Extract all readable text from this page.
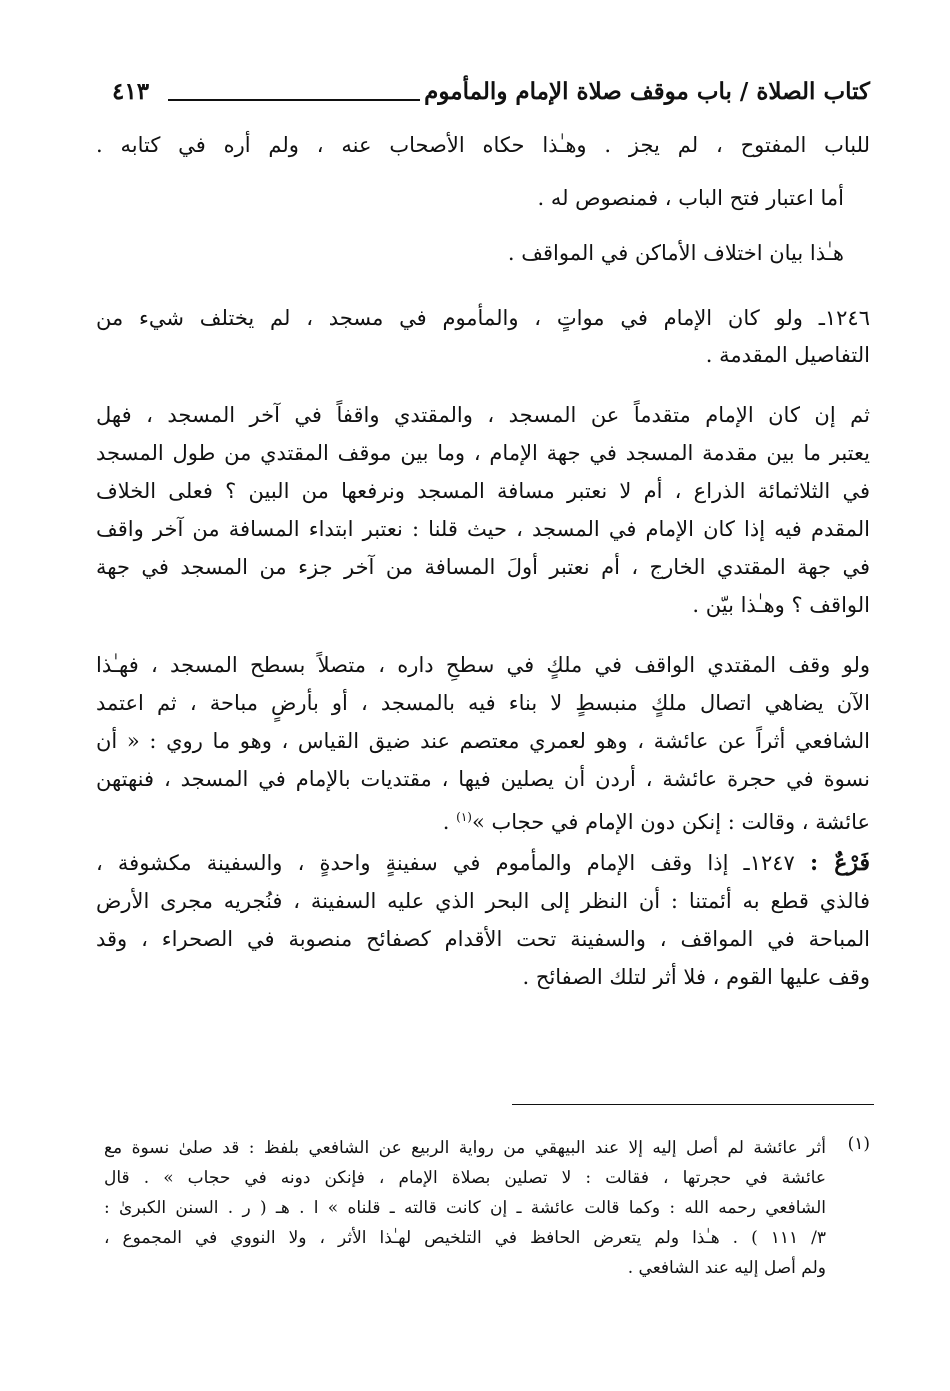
كتاب الصلاة / باب موقف صلاة الإمام والمأموم
٤١٣
للباب المفتوح ، لم يجز . وهـٰذا حكاه الأصحاب عنه ، ولم أره في كتابه .
أما اعتبار فتح الباب ، فمنصوص له .
هـٰذا بيان اختلاف الأماكن في المواقف .
١٢٤٦ـ ولو كان الإمام في مواتٍ ، والمأموم في مسجد ، لم يختلف شيء من
التفاصيل المقدمة .
ثم إن كان الإمام متقدماً عن المسجد ، والمقتدي واقفاً في آخر المسجد ، فهل
يعتبر ما بين مقدمة المسجد في جهة الإمام ، وما بين موقف المقتدي من طول المسجد
في الثلاثمائة الذراع ، أم لا نعتبر مسافة المسجد ونرفعها من البين ؟ فعلى الخلاف
المقدم فيه إذا كان الإمام في المسجد ، حيث قلنا : نعتبر ابتداء المسافة من آخر واقف
في جهة المقتدي الخارج ، أم نعتبر أولَ المسافة من آخر جزء من المسجد في جهة
الواقف ؟ وهـٰذا بيّن .
ولو وقف المقتدي الواقف في ملكٍ في سطحِ داره ، متصلاً بسطح المسجد ، فهـٰذا
الآن يضاهي اتصال ملكٍ منبسطٍ لا بناء فيه بالمسجد ، أو بأرضٍ مباحة ، ثم اعتمد
الشافعي أثراً عن عائشة ، وهو لعمري معتصم عند ضيق القياس ، وهو ما روي : « أن
نسوة في حجرة عائشة ، أردن أن يصلين فيها ، مقتديات بالإمام في المسجد ، فنهتهن
عائشة ، وقالت : إنكن دون الإمام في حجاب »$^{(١)}$ .
فَرْعٌ : ١٢٤٧ـ إذا وقف الإمام والمأموم في سفينةٍ واحدةٍ ، والسفينة مكشوفة ،
فالذي قطع به أئمتنا : أن النظر إلى البحر الذي عليه السفينة ، فنُجريه مجرى الأرض
المباحة في المواقف ، والسفينة تحت الأقدام كصفائح منصوبة في الصحراء ، وقد
وقف عليها القوم ، فلا أثر لتلك الصفائح .
(١)
أثر عائشة لم أصل إليه إلا عند البيهقي من رواية الربيع عن الشافعي بلفظ : قد صلىٰ نسوة مع
عائشة في حجرتها ، فقالت : لا تصلين بصلاة الإمام ، فإنكن دونه في حجاب » . قال
الشافعي رحمه الله : وكما قالت عائشة ـ إن كانت قالته ـ قلناه » ا . هـ ( ر . السنن الكبرىٰ :
٣/ ١١١ ) . هـٰذا ولم يتعرض الحافظ في التلخيص لهـٰذا الأثر ، ولا النووي في المجموع ،
ولم أصل إليه عند الشافعي .
